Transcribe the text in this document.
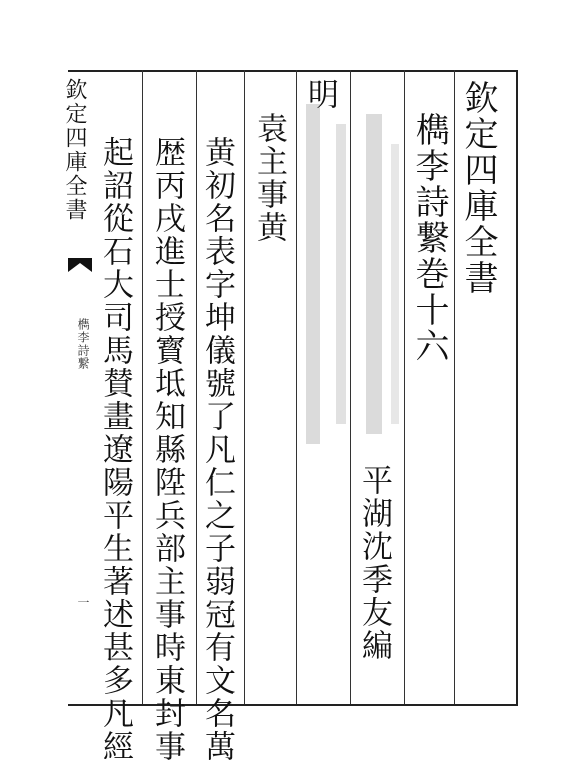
欽定四庫全書
檇李詩繋
一
欽定四庫全書
檇李詩繋巻十六
平湖沈季友編
明
袁主事黄
黄初名表字坤儀號了凡仁之子弱冠有文名萬
歴丙戌進士授寳坻知縣陞兵部主事時東封事
起詔從石大司馬賛畫遼陽平生著述甚多凡經
